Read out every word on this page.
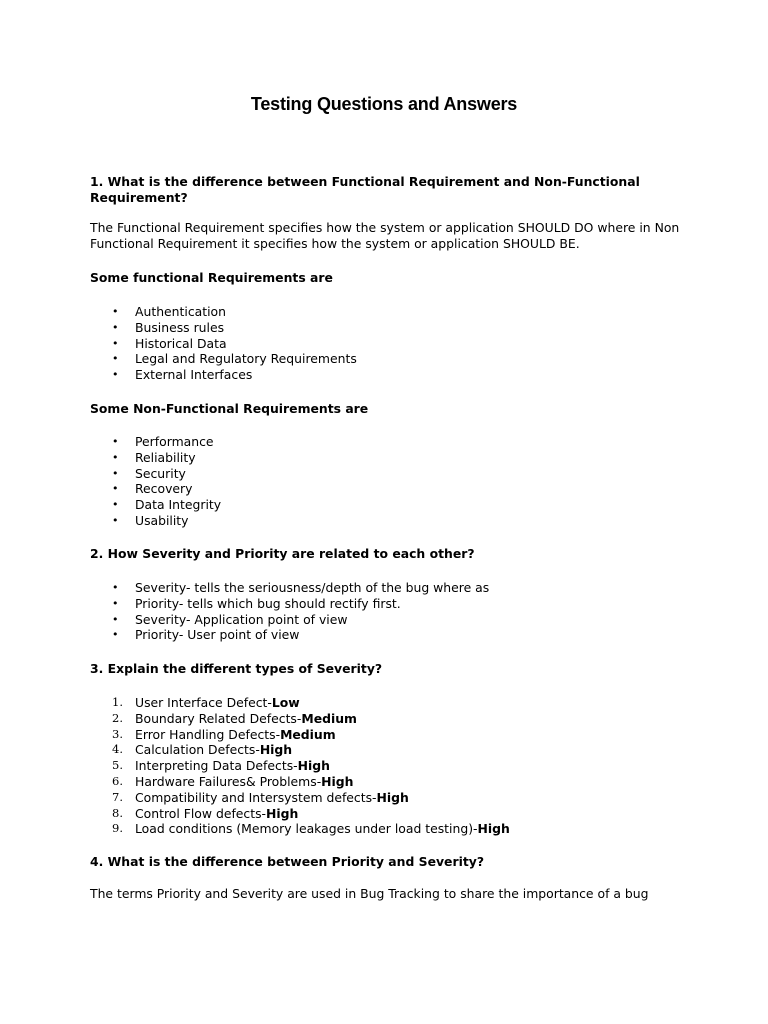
Testing Questions and Answers
1. What is the difference between Functional Requirement and Non-Functional Requirement?
The Functional Requirement specifies how the system or application SHOULD DO where in Non Functional Requirement it specifies how the system or application SHOULD BE.
Some functional Requirements are
• Authentication
• Business rules
• Historical Data
• Legal and Regulatory Requirements
• External Interfaces
Some Non-Functional Requirements are
• Performance
• Reliability
• Security
• Recovery
• Data Integrity
• Usability
2. How Severity and Priority are related to each other?
• Severity- tells the seriousness/depth of the bug where as
• Priority- tells which bug should rectify first.
• Severity- Application point of view
• Priority- User point of view
3. Explain the different types of Severity?
1. User Interface Defect-Low
2. Boundary Related Defects-Medium
3. Error Handling Defects-Medium
4. Calculation Defects-High
5. Interpreting Data Defects-High
6. Hardware Failures& Problems-High
7. Compatibility and Intersystem defects-High
8. Control Flow defects-High
9. Load conditions (Memory leakages under load testing)-High
4. What is the difference between Priority and Severity?
The terms Priority and Severity are used in Bug Tracking to share the importance of a bug
